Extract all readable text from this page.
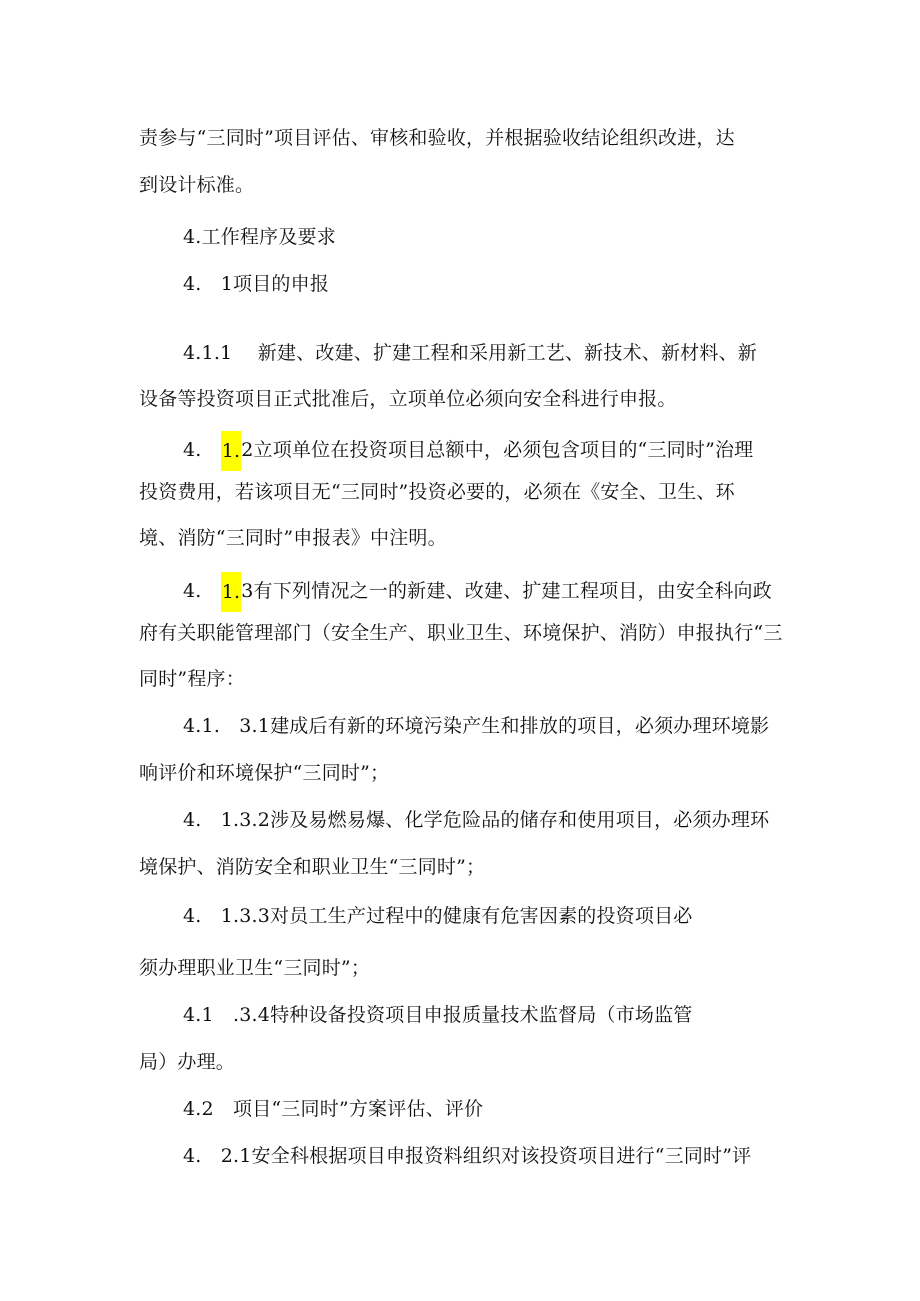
责参与“三同时”项目评估、审核和验收，并根据验收结论组织改进，达
到设计标准。
4.工作程序及要求
4.　1项目的申报
4.1.1　 新建、改建、扩建工程和采用新工艺、新技术、新材料、新
设备等投资项目正式批准后，立项单位必须向安全科进行申报。
4.　1.2立项单位在投资项目总额中，必须包含项目的“三同时”治理
投资费用，若该项目无“三同时”投资必要的，必须在《安全、卫生、环
境、消防“三同时”申报表》中注明。
4.　1.3有下列情况之一的新建、改建、扩建工程项目，由安全科向政
府有关职能管理部门（安全生产、职业卫生、环境保护、消防）申报执行“三
同时”程序：
4.1.　3.1建成后有新的环境污染产生和排放的项目，必须办理环境影
响评价和环境保护“三同时”；
4.　1.3.2涉及易燃易爆、化学危险品的储存和使用项目，必须办理环
境保护、消防安全和职业卫生“三同时”；
4.　1.3.3对员工生产过程中的健康有危害因素的投资项目必
须办理职业卫生“三同时”；
4.1　.3.4特种设备投资项目申报质量技术监督局（市场监管
局）办理。
4.2　项目“三同时”方案评估、评价
4.　2.1安全科根据项目申报资料组织对该投资项目进行“三同时”评
